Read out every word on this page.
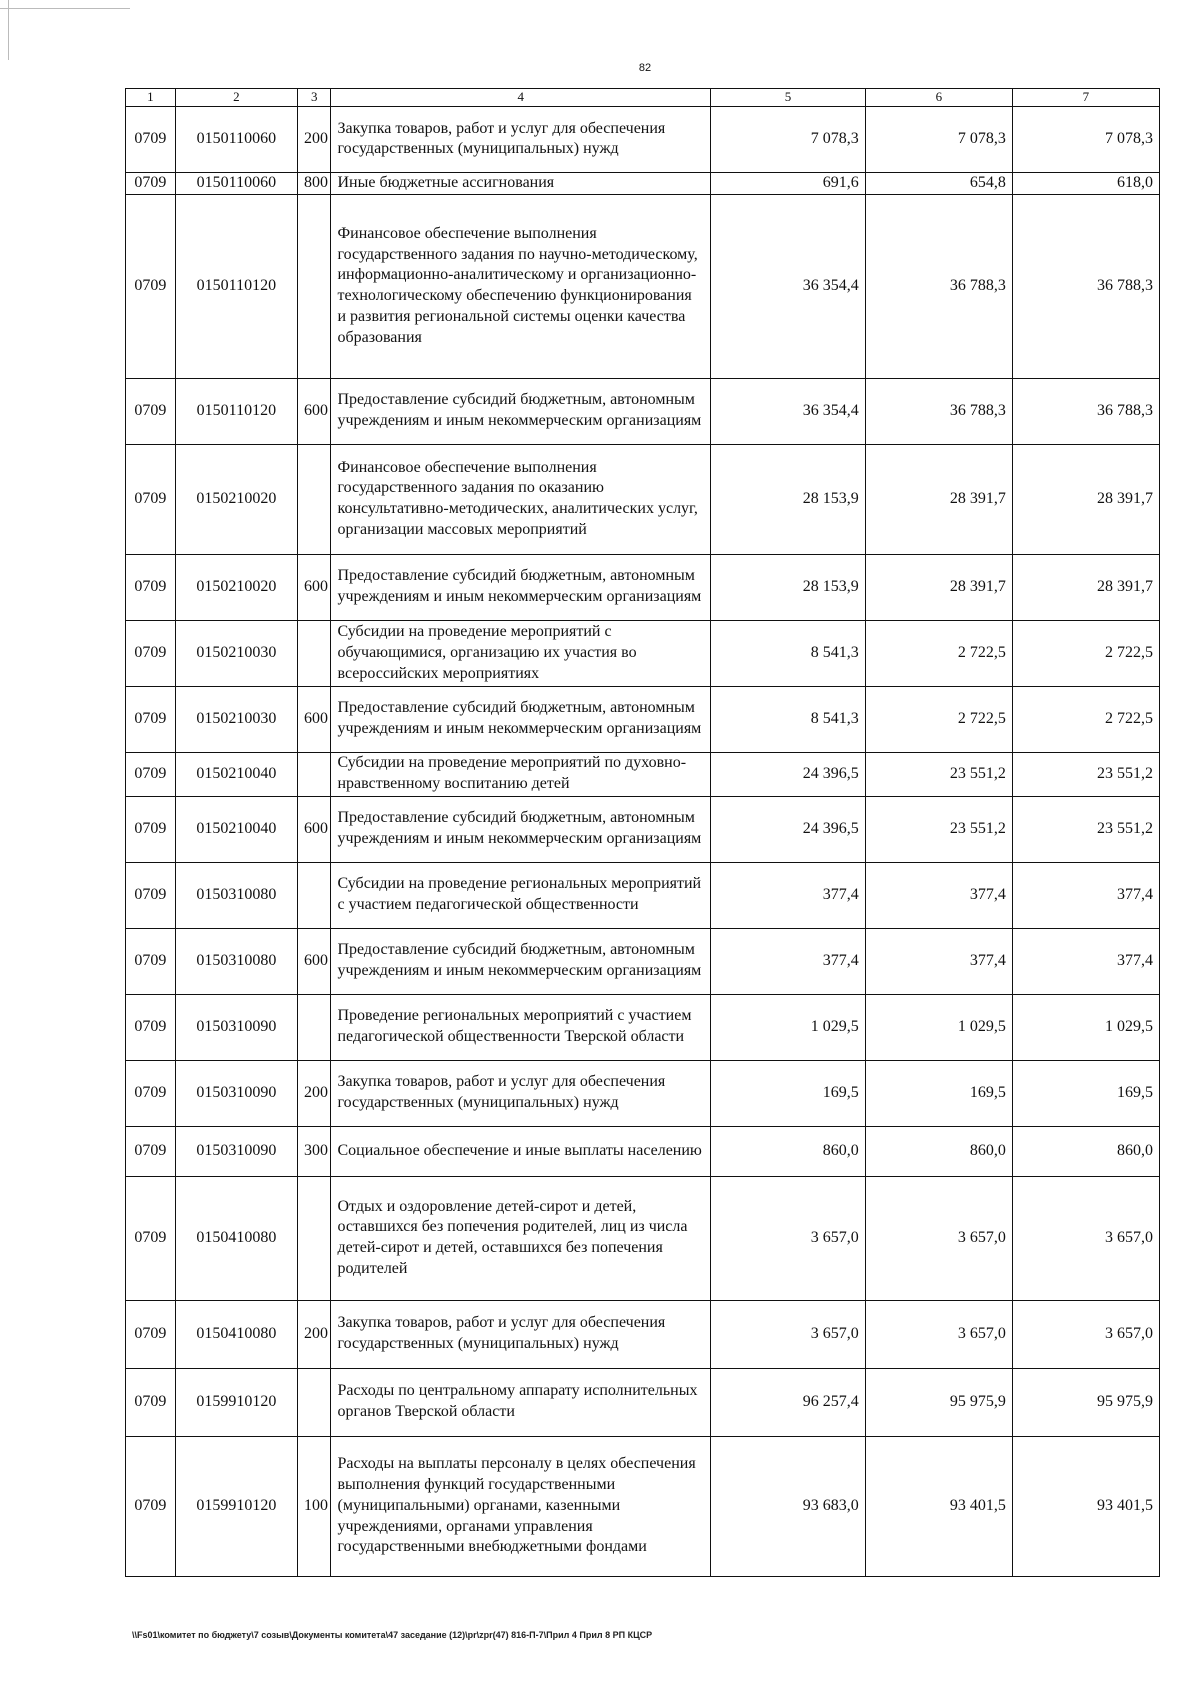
82
1	2	3	4	5	6	7
0709	0150110060	200	Закупка товаров, работ и услуг для обеспечения государственных (муниципальных) нужд	7 078,3	7 078,3	7 078,3
0709	0150110060	800	Иные бюджетные ассигнования	691,6	654,8	618,0
0709	0150110120		Финансовое обеспечение выполнения государственного задания по научно-методическому, информационно-аналитическому и организационно-технологическому обеспечению функционирования и развития региональной системы оценки качества образования	36 354,4	36 788,3	36 788,3
0709	0150110120	600	Предоставление субсидий бюджетным, автономным учреждениям и иным некоммерческим организациям	36 354,4	36 788,3	36 788,3
0709	0150210020		Финансовое обеспечение выполнения государственного задания по оказанию консультативно-методических, аналитических услуг, организации массовых мероприятий	28 153,9	28 391,7	28 391,7
0709	0150210020	600	Предоставление субсидий бюджетным, автономным учреждениям и иным некоммерческим организациям	28 153,9	28 391,7	28 391,7
0709	0150210030		Субсидии на проведение мероприятий с обучающимися, организацию их участия во всероссийских мероприятиях	8 541,3	2 722,5	2 722,5
0709	0150210030	600	Предоставление субсидий бюджетным, автономным учреждениям и иным некоммерческим организациям	8 541,3	2 722,5	2 722,5
0709	0150210040		Субсидии на проведение мероприятий по духовно-нравственному воспитанию детей	24 396,5	23 551,2	23 551,2
0709	0150210040	600	Предоставление субсидий бюджетным, автономным учреждениям и иным некоммерческим организациям	24 396,5	23 551,2	23 551,2
0709	0150310080		Субсидии на проведение региональных мероприятий с участием педагогической общественности	377,4	377,4	377,4
0709	0150310080	600	Предоставление субсидий бюджетным, автономным учреждениям и иным некоммерческим организациям	377,4	377,4	377,4
0709	0150310090		Проведение региональных мероприятий с участием педагогической общественности Тверской области	1 029,5	1 029,5	1 029,5
0709	0150310090	200	Закупка товаров, работ и услуг для обеспечения государственных (муниципальных) нужд	169,5	169,5	169,5
0709	0150310090	300	Социальное обеспечение и иные выплаты населению	860,0	860,0	860,0
0709	0150410080		Отдых и оздоровление детей-сирот и детей, оставшихся без попечения родителей, лиц из числа детей-сирот и детей, оставшихся без попечения родителей	3 657,0	3 657,0	3 657,0
0709	0150410080	200	Закупка товаров, работ и услуг для обеспечения государственных (муниципальных) нужд	3 657,0	3 657,0	3 657,0
0709	0159910120		Расходы по центральному аппарату исполнительных органов Тверской области	96 257,4	95 975,9	95 975,9
0709	0159910120	100	Расходы на выплаты персоналу в целях обеспечения выполнения функций государственными (муниципальными) органами, казенными учреждениями, органами управления государственными внебюджетными фондами	93 683,0	93 401,5	93 401,5
\\Fs01\комитет по бюджету\7 созыв\Документы комитета\47 заседание (12)\pr\zpr(47) 816-П-7\Прил 4 Прил 8 РП КЦСР
